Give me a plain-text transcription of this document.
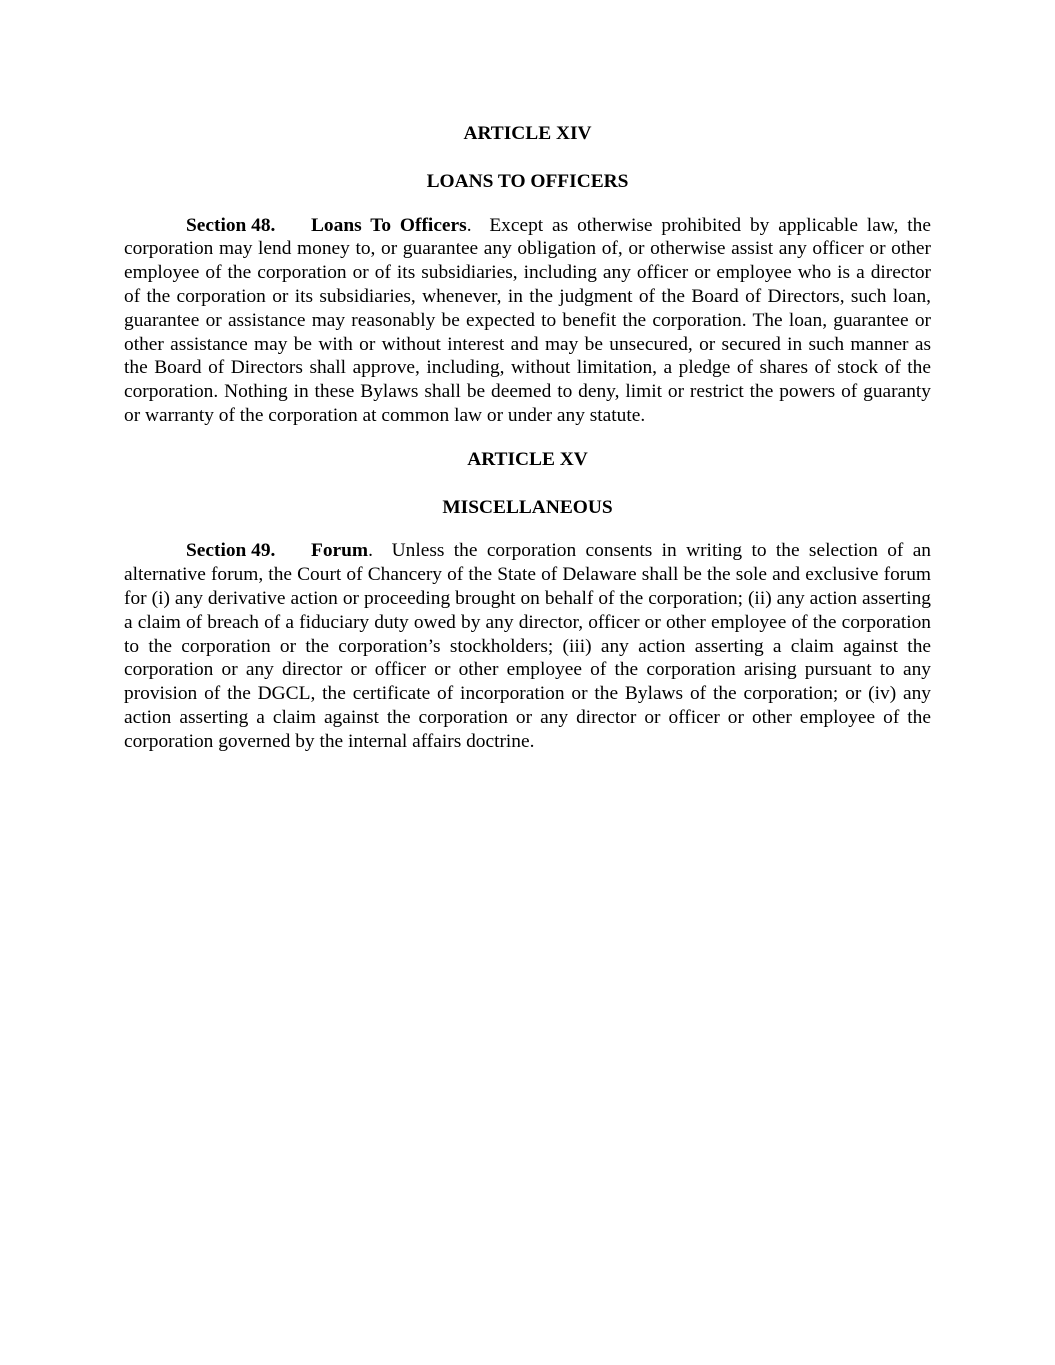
ARTICLE XIV

LOANS TO OFFICERS

Section 48. Loans To Officers. Except as otherwise prohibited by applicable law, the corporation may lend money to, or guarantee any obligation of, or otherwise assist any officer or other employee of the corporation or of its subsidiaries, including any officer or employee who is a director of the corporation or its subsidiaries, whenever, in the judgment of the Board of Directors, such loan, guarantee or assistance may reasonably be expected to benefit the corporation. The loan, guarantee or other assistance may be with or without interest and may be unsecured, or secured in such manner as the Board of Directors shall approve, including, without limitation, a pledge of shares of stock of the corporation. Nothing in these Bylaws shall be deemed to deny, limit or restrict the powers of guaranty or warranty of the corporation at common law or under any statute.

ARTICLE XV

MISCELLANEOUS

Section 49. Forum. Unless the corporation consents in writing to the selection of an alternative forum, the Court of Chancery of the State of Delaware shall be the sole and exclusive forum for (i) any derivative action or proceeding brought on behalf of the corporation; (ii) any action asserting a claim of breach of a fiduciary duty owed by any director, officer or other employee of the corporation to the corporation or the corporation’s stockholders; (iii) any action asserting a claim against the corporation or any director or officer or other employee of the corporation arising pursuant to any provision of the DGCL, the certificate of incorporation or the Bylaws of the corporation; or (iv) any action asserting a claim against the corporation or any director or officer or other employee of the corporation governed by the internal affairs doctrine.
